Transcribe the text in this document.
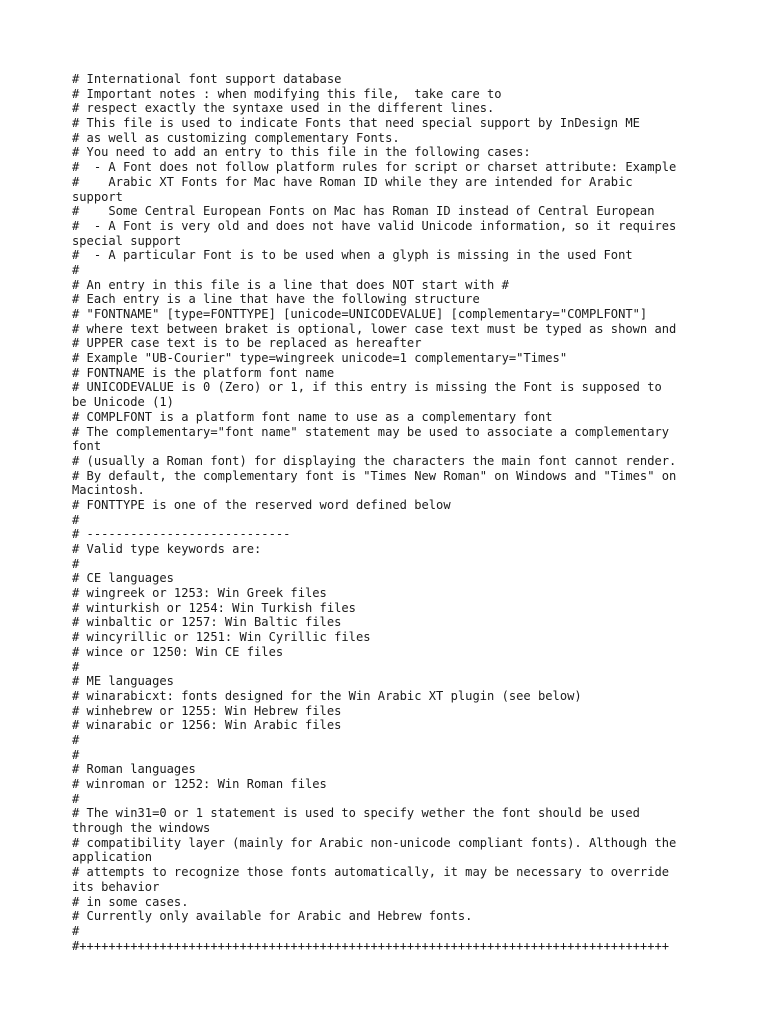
# International font support database
# Important notes : when modifying this file,  take care to
# respect exactly the syntaxe used in the different lines.
# This file is used to indicate Fonts that need special support by InDesign ME
# as well as customizing complementary Fonts.
# You need to add an entry to this file in the following cases:
#  - A Font does not follow platform rules for script or charset attribute: Example
#    Arabic XT Fonts for Mac have Roman ID while they are intended for Arabic
support
#    Some Central European Fonts on Mac has Roman ID instead of Central European
#  - A Font is very old and does not have valid Unicode information, so it requires
special support
#  - A particular Font is to be used when a glyph is missing in the used Font
#
# An entry in this file is a line that does NOT start with #
# Each entry is a line that have the following structure
# "FONTNAME" [type=FONTTYPE] [unicode=UNICODEVALUE] [complementary="COMPLFONT"]
# where text between braket is optional, lower case text must be typed as shown and
# UPPER case text is to be replaced as hereafter
# Example "UB-Courier" type=wingreek unicode=1 complementary="Times"
# FONTNAME is the platform font name
# UNICODEVALUE is 0 (Zero) or 1, if this entry is missing the Font is supposed to
be Unicode (1)
# COMPLFONT is a platform font name to use as a complementary font
# The complementary="font name" statement may be used to associate a complementary
font
# (usually a Roman font) for displaying the characters the main font cannot render.
# By default, the complementary font is "Times New Roman" on Windows and "Times" on
Macintosh.
# FONTTYPE is one of the reserved word defined below
#
# ----------------------------
# Valid type keywords are:
#
# CE languages
# wingreek or 1253: Win Greek files
# winturkish or 1254: Win Turkish files
# winbaltic or 1257: Win Baltic files
# wincyrillic or 1251: Win Cyrillic files
# wince or 1250: Win CE files
#
# ME languages
# winarabicxt: fonts designed for the Win Arabic XT plugin (see below)
# winhebrew or 1255: Win Hebrew files
# winarabic or 1256: Win Arabic files
#
#
# Roman languages
# winroman or 1252: Win Roman files
#
# The win31=0 or 1 statement is used to specify wether the font should be used
through the windows
# compatibility layer (mainly for Arabic non-unicode compliant fonts). Although the
application
# attempts to recognize those fonts automatically, it may be necessary to override
its behavior
# in some cases.
# Currently only available for Arabic and Hebrew fonts.
#
#+++++++++++++++++++++++++++++++++++++++++++++++++++++++++++++++++++++++++++++++++
